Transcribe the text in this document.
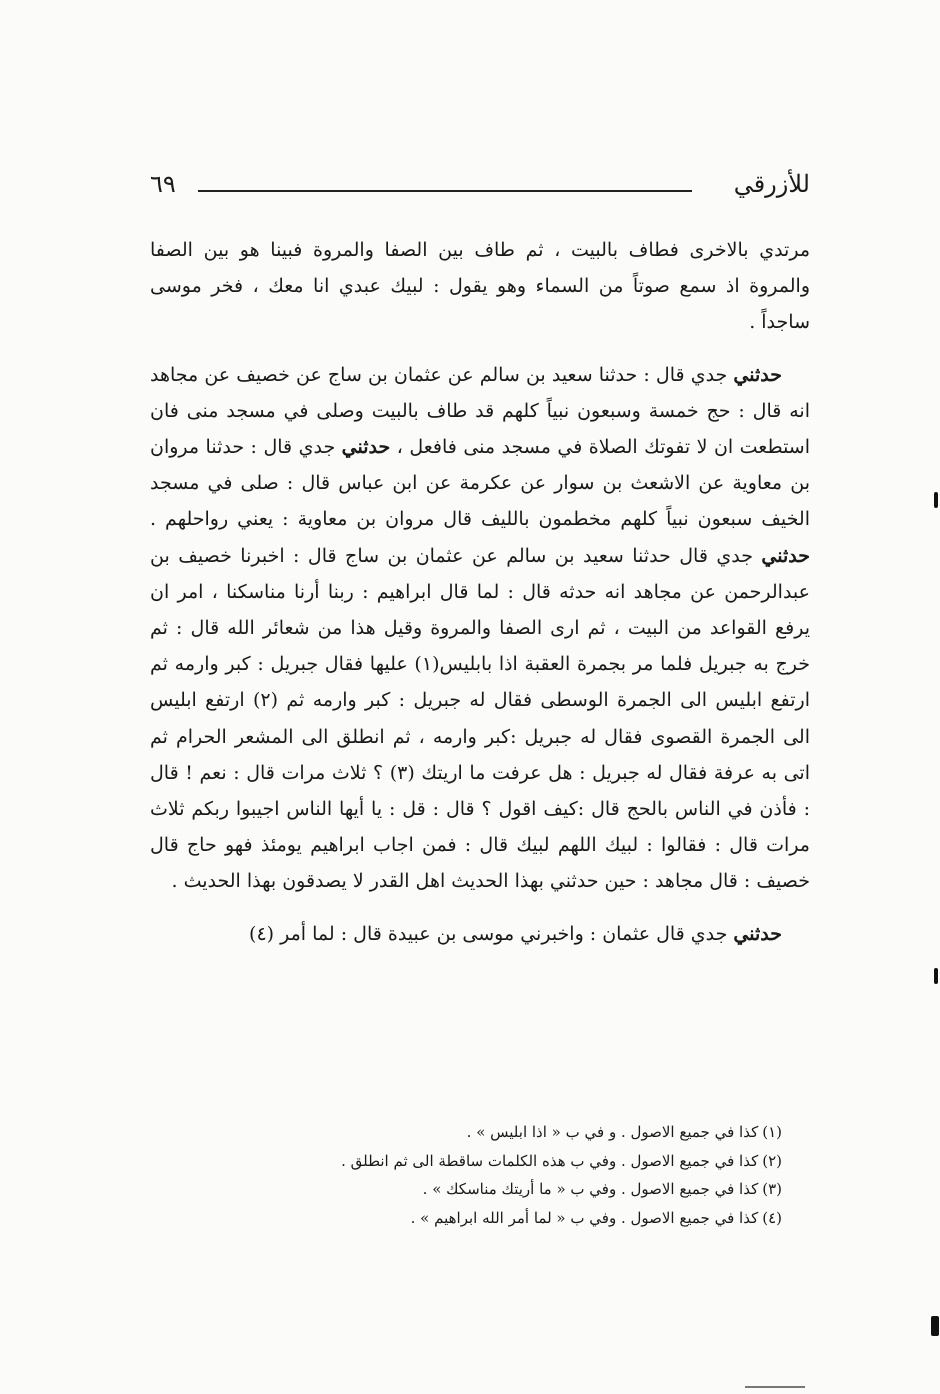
للأزرقي
٦٩

مرتدي بالاخرى فطاف بالبيت ، ثم طاف بين الصفا والمروة فبينا هو بين الصفا والمروة اذ سمع صوتاً من السماء وهو يقول : لبيك عبدي انا معك ، فخر موسى ساجداً .

حدثني جدي قال : حدثنا سعيد بن سالم عن عثمان بن ساج عن خصيف عن مجاهد انه قال : حج خمسة وسبعون نبياً كلهم قد طاف بالبيت وصلى في مسجد منى فان استطعت ان لا تفوتك الصلاة في مسجد منى فافعل ، حدثني جدي قال : حدثنا مروان بن معاوية عن الاشعث بن سوار عن عكرمة عن ابن عباس قال : صلى في مسجد الخيف سبعون نبياً كلهم مخطمون بالليف قال مروان بن معاوية : يعني رواحلهم . حدثني جدي قال حدثنا سعيد بن سالم عن عثمان بن ساج قال : اخبرنا خصيف بن عبدالرحمن عن مجاهد انه حدثه قال : لما قال ابراهيم : ربنا أرنا مناسكنا ، امر ان يرفع القواعد من البيت ، ثم ارى الصفا والمروة وقيل هذا من شعائر الله قال : ثم خرج به جبريل فلما مر بجمرة العقبة اذا بابليس(١) عليها فقال جبريل : كبر وارمه ثم ارتفع ابليس الى الجمرة الوسطى فقال له جبريل : كبر وارمه ثم (٢) ارتفع ابليس الى الجمرة القصوى فقال له جبريل :كبر وارمه ، ثم انطلق الى المشعر الحرام ثم اتى به عرفة فقال له جبريل : هل عرفت ما اريتك (٣) ؟ ثلاث مرات قال : نعم ! قال : فأذن في الناس بالحج قال :كيف اقول ؟ قال : قل : يا أيها الناس اجيبوا ربكم ثلاث مرات قال : فقالوا : لبيك اللهم لبيك قال : فمن اجاب ابراهيم يومئذ فهو حاج قال خصيف : قال مجاهد : حين حدثني بهذا الحديث اهل القدر لا يصدقون بهذا الحديث .

حدثني جدي قال عثمان : واخبرني موسى بن عبيدة قال : لما أمر (٤)

(١)كذا في جميع الاصول . و في ب « اذا ابليس » .

(٢)كذا في جميع الاصول . وفي ب هذه الكلمات ساقطة الى ثم انطلق .

(٣)كذا في جميع الاصول . وفي ب « ما أريتك مناسكك » .

(٤)كذا في جميع الاصول . وفي ب « لما أمر الله ابراهيم » .
